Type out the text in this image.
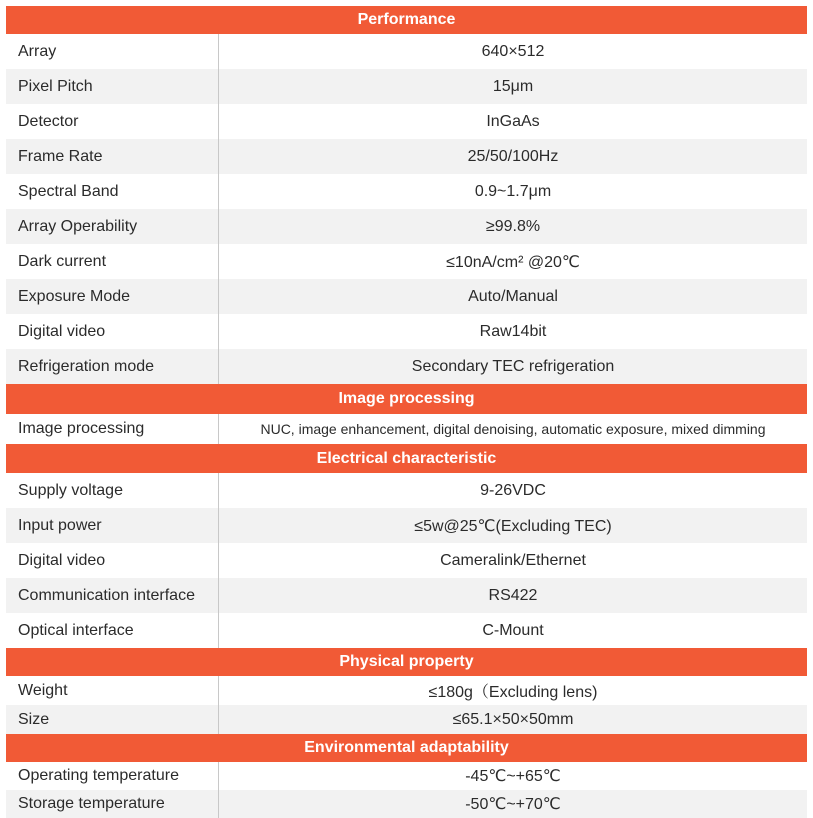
Performance
Array	640×512
Pixel Pitch	15μm
Detector	InGaAs
Frame Rate	25/50/100Hz
Spectral Band	0.9~1.7μm
Array Operability	≥99.8%
Dark current	≤10nA/cm² @20℃
Exposure Mode	Auto/Manual
Digital video	Raw14bit
Refrigeration mode	Secondary TEC refrigeration
Image processing
Image processing	NUC, image enhancement, digital denoising, automatic exposure, mixed dimming
Electrical characteristic
Supply voltage	9-26VDC
Input power	≤5w@25℃(Excluding TEC)
Digital video	Cameralink/Ethernet
Communication interface	RS422
Optical interface	C-Mount
Physical property
Weight	≤180g（Excluding lens)
Size	≤65.1×50×50mm
Environmental adaptability
Operating temperature	-45℃~+65℃
Storage temperature	-50℃~+70℃
